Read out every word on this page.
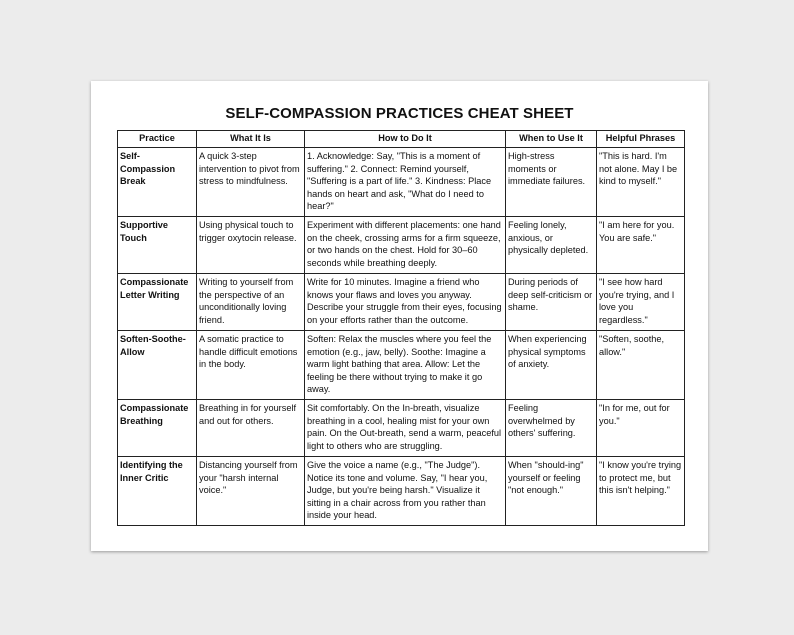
SELF-COMPASSION PRACTICES CHEAT SHEET
Practice	What It Is	How to Do It	When to Use It	Helpful Phrases
Self-Compassion Break	A quick 3-step intervention to pivot from stress to mindfulness.	1. Acknowledge: Say, "This is a moment of suffering." 2. Connect: Remind yourself, "Suffering is a part of life." 3. Kindness: Place hands on heart and ask, "What do I need to hear?"	High-stress moments or immediate failures.	"This is hard. I'm not alone. May I be kind to myself."
Supportive Touch	Using physical touch to trigger oxytocin release.	Experiment with different placements: one hand on the cheek, crossing arms for a firm squeeze, or two hands on the chest. Hold for 30–60 seconds while breathing deeply.	Feeling lonely, anxious, or physically depleted.	"I am here for you. You are safe."
Compassionate Letter Writing	Writing to yourself from the perspective of an unconditionally loving friend.	Write for 10 minutes. Imagine a friend who knows your flaws and loves you anyway. Describe your struggle from their eyes, focusing on your efforts rather than the outcome.	During periods of deep self-criticism or shame.	"I see how hard you're trying, and I love you regardless."
Soften-Soothe-Allow	A somatic practice to handle difficult emotions in the body.	Soften: Relax the muscles where you feel the emotion (e.g., jaw, belly). Soothe: Imagine a warm light bathing that area. Allow: Let the feeling be there without trying to make it go away.	When experiencing physical symptoms of anxiety.	"Soften, soothe, allow."
Compassionate Breathing	Breathing in for yourself and out for others.	Sit comfortably. On the In-breath, visualize breathing in a cool, healing mist for your own pain. On the Out-breath, send a warm, peaceful light to others who are struggling.	Feeling overwhelmed by others' suffering.	"In for me, out for you."
Identifying the Inner Critic	Distancing yourself from your "harsh internal voice."	Give the voice a name (e.g., "The Judge"). Notice its tone and volume. Say, "I hear you, Judge, but you're being harsh." Visualize it sitting in a chair across from you rather than inside your head.	When "should-ing" yourself or feeling "not enough."	"I know you're trying to protect me, but this isn't helping."
